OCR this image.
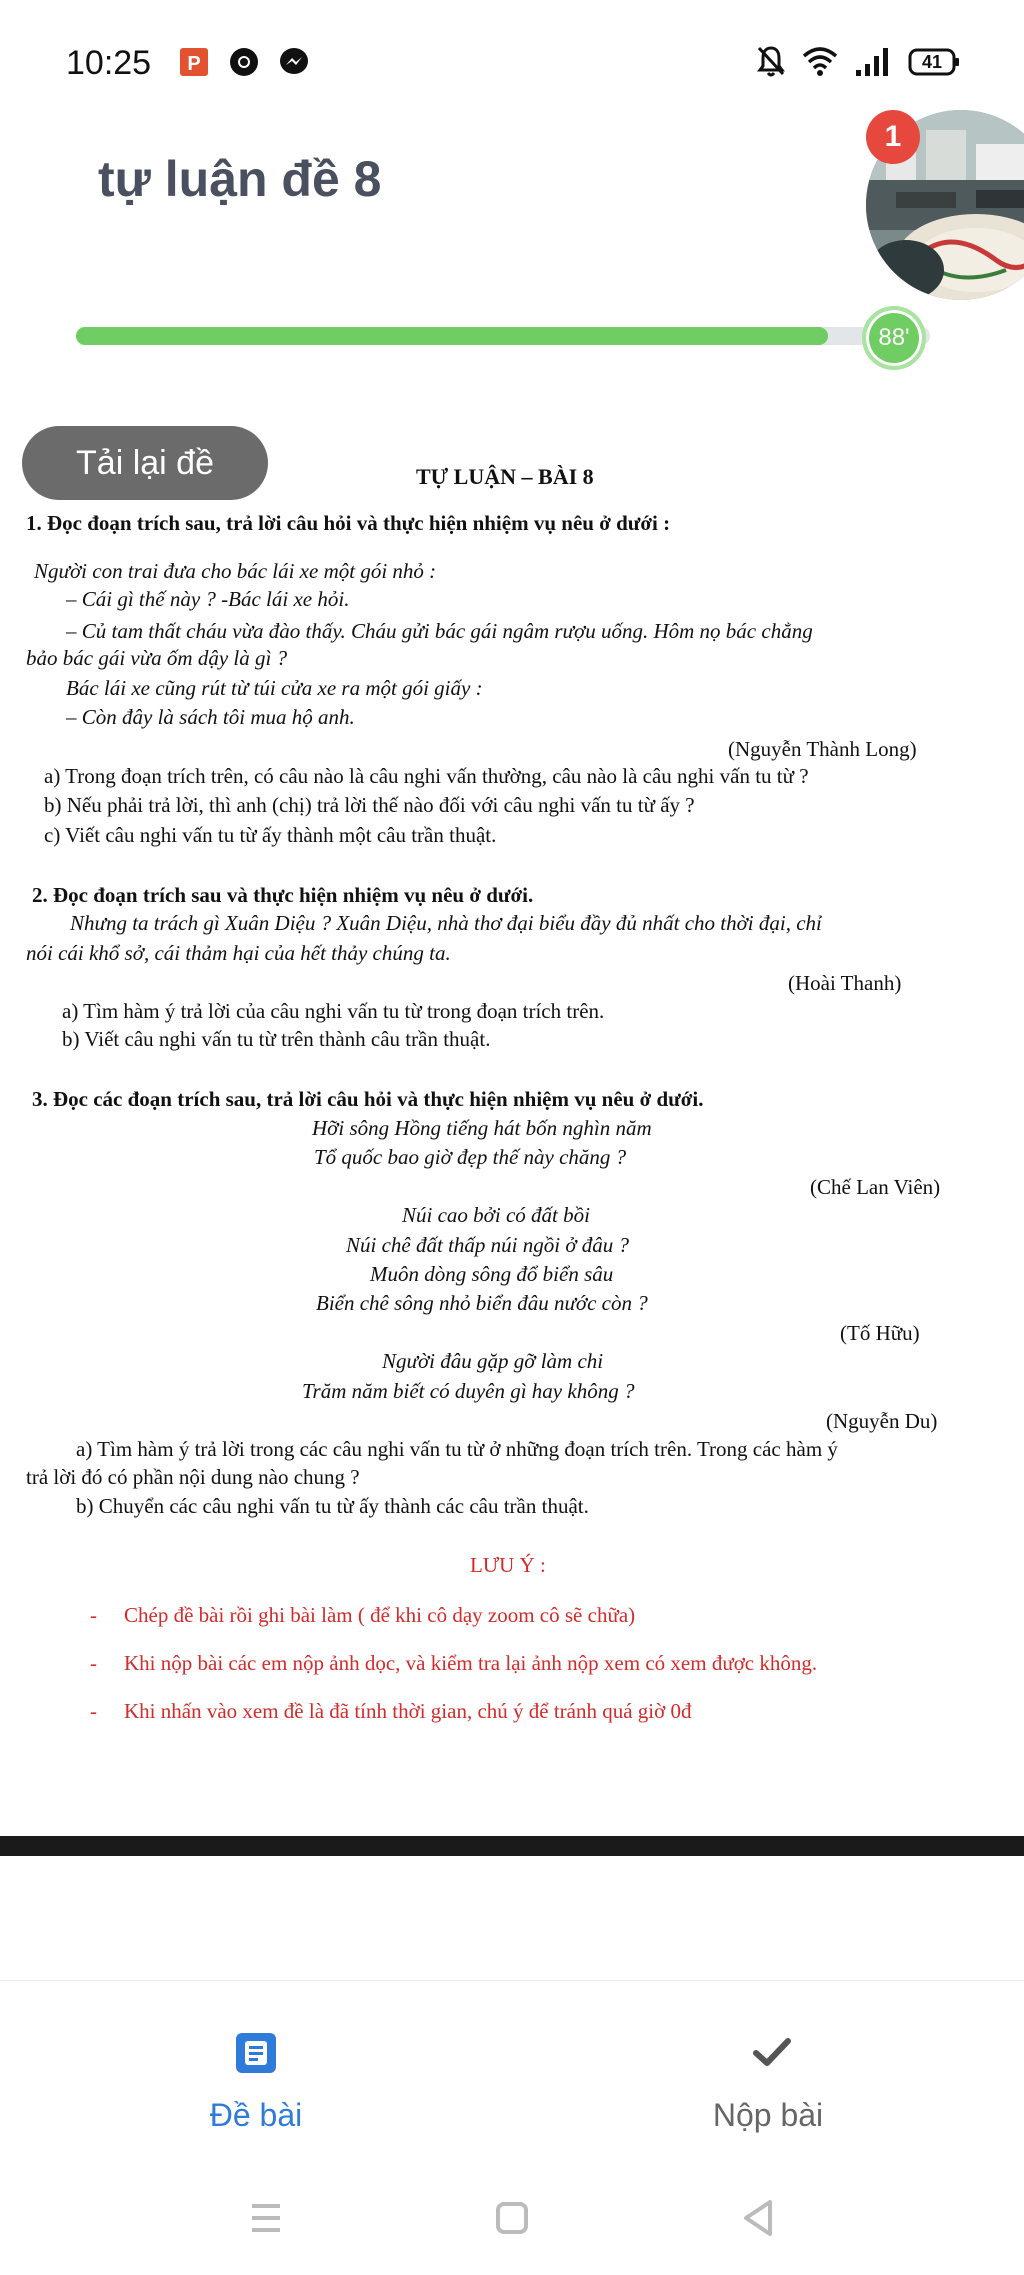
10:25 P	41
tự luận đề 8
1
88'
Tải lại đề	TỰ LUẬN – BÀI 8

1. Đọc đoạn trích sau, trả lời câu hỏi và thực hiện nhiệm vụ nêu ở dưới :

Người con trai đưa cho bác lái xe một gói nhỏ :

– Cái gì thế này ? -Bác lái xe hỏi.

– Củ tam thất cháu vừa đào thấy. Cháu gửi bác gái ngâm rượu uống. Hôm nọ bác chẳng

bảo bác gái vừa ốm dậy là gì ?

Bác lái xe cũng rút từ túi cửa xe ra một gói giấy :

– Còn đây là sách tôi mua hộ anh.

(Nguyễn Thành Long)

a) Trong đoạn trích trên, có câu nào là câu nghi vấn thường, câu nào là câu nghi vấn tu từ ?

b) Nếu phải trả lời, thì anh (chị) trả lời thế nào đối với câu nghi vấn tu từ ấy ?

c) Viết câu nghi vấn tu từ ấy thành một câu trần thuật.

2. Đọc đoạn trích sau và thực hiện nhiệm vụ nêu ở dưới.

Nhưng ta trách gì Xuân Diệu ? Xuân Diệu, nhà thơ đại biểu đầy đủ nhất cho thời đại, chỉ

nói cái khổ sở, cái thảm hại của hết thảy chúng ta.

(Hoài Thanh)

a) Tìm hàm ý trả lời của câu nghi vấn tu từ trong đoạn trích trên.

b) Viết câu nghi vấn tu từ trên thành câu trần thuật.

3. Đọc các đoạn trích sau, trả lời câu hỏi và thực hiện nhiệm vụ nêu ở dưới.

Hỡi sông Hồng tiếng hát bốn nghìn năm

Tổ quốc bao giờ đẹp thế này chăng ?

(Chế Lan Viên)

Núi cao bởi có đất bồi

Núi chê đất thấp núi ngồi ở đâu ?

Muôn dòng sông đổ biển sâu

Biển chê sông nhỏ biển đâu nước còn ?

(Tố Hữu)

Người đâu gặp gỡ làm chi

Trăm năm biết có duyên gì hay không ?

(Nguyễn Du)

a) Tìm hàm ý trả lời trong các câu nghi vấn tu từ ở những đoạn trích trên. Trong các hàm ý

trả lời đó có phần nội dung nào chung ?

b) Chuyển các câu nghi vấn tu từ ấy thành các câu trần thuật.

LƯU Ý :

- Chép đề bài rồi ghi bài làm ( để khi cô dạy zoom cô sẽ chữa)

- Khi nộp bài các em nộp ảnh dọc, và kiểm tra lại ảnh nộp xem có xem được không.

- Khi nhấn vào xem đề là đã tính thời gian, chú ý để tránh quá giờ 0đ

Đề bài	Nộp bài
